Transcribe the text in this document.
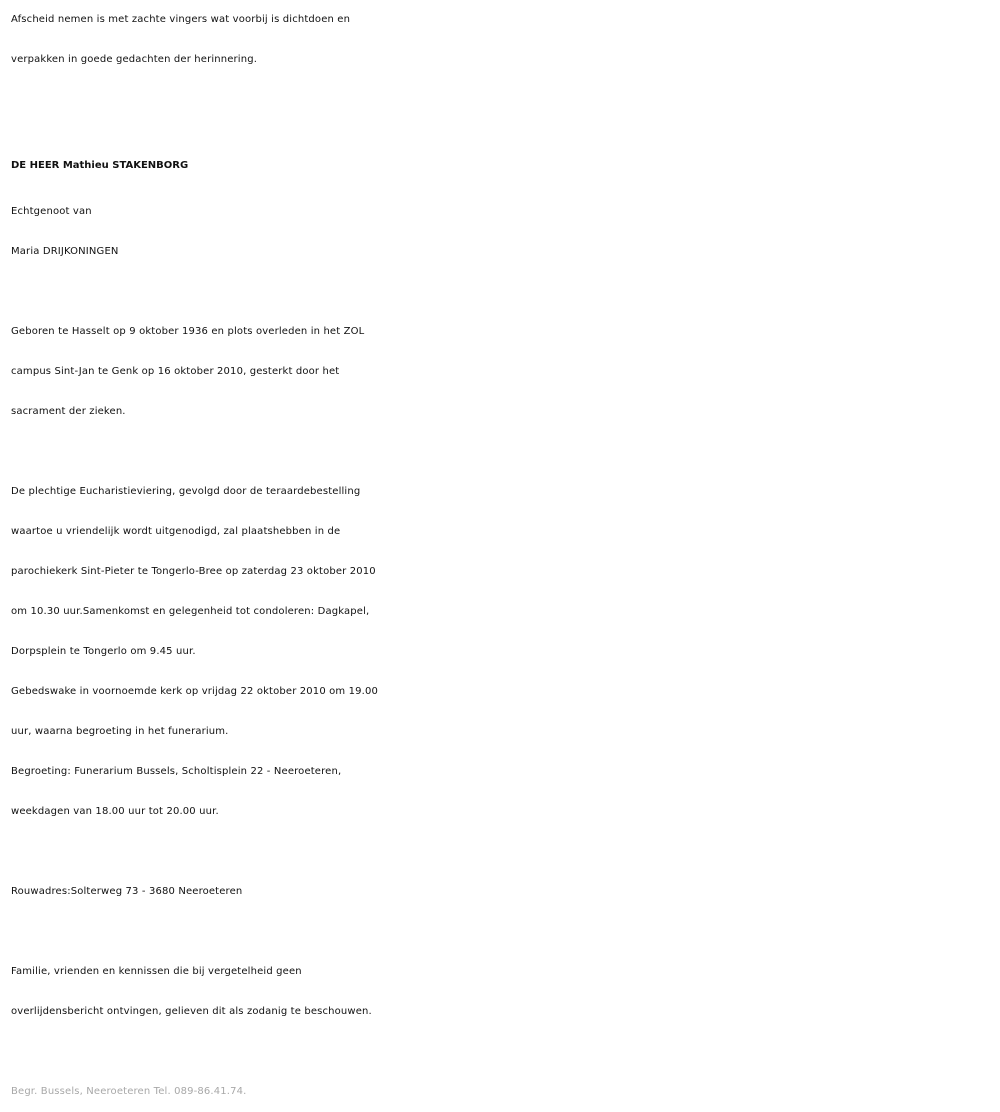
Afscheid nemen is met zachte vingers wat voorbij is dichtdoen en
verpakken in goede gedachten der herinnering.
DE HEER Mathieu STAKENBORG
Echtgenoot van
Maria DRIJKONINGEN
Geboren te Hasselt op 9 oktober 1936 en plots overleden in het ZOL
campus Sint-Jan te Genk op 16 oktober 2010, gesterkt door het
sacrament der zieken.
De plechtige Eucharistieviering, gevolgd door de teraardebestelling
waartoe u vriendelijk wordt uitgenodigd, zal plaatshebben in de
parochiekerk Sint-Pieter te Tongerlo-Bree op zaterdag 23 oktober 2010
om 10.30 uur.Samenkomst en gelegenheid tot condoleren: Dagkapel,
Dorpsplein te Tongerlo om 9.45 uur.
Gebedswake in voornoemde kerk op vrijdag 22 oktober 2010 om 19.00
uur, waarna begroeting in het funerarium.
Begroeting: Funerarium Bussels, Scholtisplein 22 - Neeroeteren,
weekdagen van 18.00 uur tot 20.00 uur.
Rouwadres:Solterweg 73 - 3680 Neeroeteren
Familie, vrienden en kennissen die bij vergetelheid geen
overlijdensbericht ontvingen, gelieven dit als zodanig te beschouwen.
Begr. Bussels, Neeroeteren Tel. 089-86.41.74.
